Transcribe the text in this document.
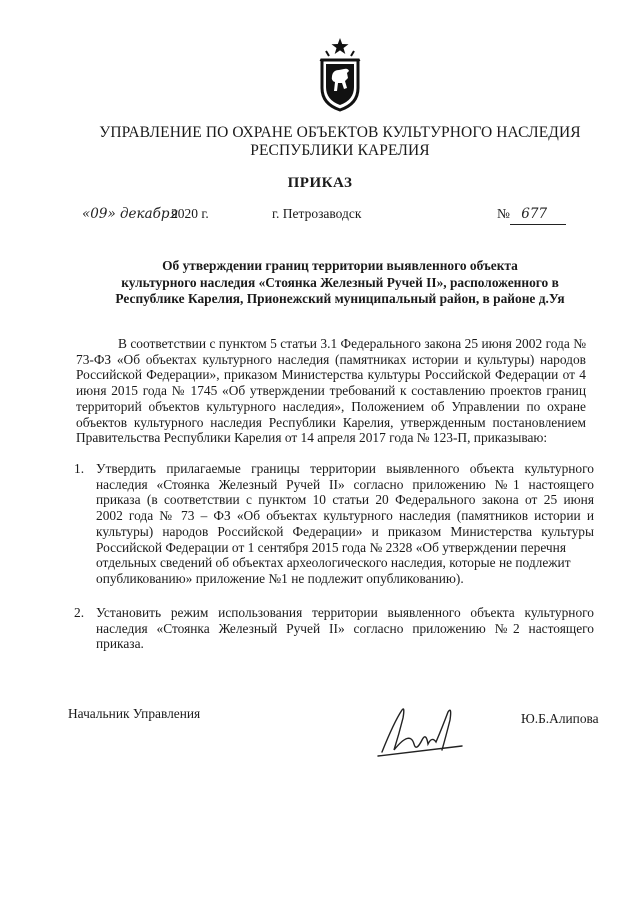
УПРАВЛЕНИЕ ПО ОХРАНЕ ОБЪЕКТОВ КУЛЬТУРНОГО НАСЛЕДИЯ
РЕСПУБЛИКИ КАРЕЛИЯ
ПРИКАЗ
«09» декабря
2020 г.	г. Петрозаводск	№ 677
Об утверждении границ территории выявленного объекта
культурного наследия «Стоянка Железный Ручей II», расположенного в
Республике Карелия, Прионежский муниципальный район, в районе д.Уя
В соответствии с пунктом 5 статьи 3.1 Федерального закона 25 июня 2002 года №
73-ФЗ «Об объектах культурного наследия (памятниках истории и культуры) народов
Российской Федерации», приказом Министерства культуры Российской Федерации от 4
июня 2015 года № 1745 «Об утверждении требований к составлению проектов границ
территорий объектов культурного наследия», Положением об Управлении по охране
объектов культурного наследия Республики Карелия, утвержденным постановлением
Правительства Республики Карелия от 14 апреля 2017 года № 123-П, приказываю:
1. Утвердить прилагаемые границы территории выявленного объекта культурного
наследия «Стоянка Железный Ручей II» согласно приложению №1 настоящего
приказа (в соответствии с пунктом 10 статьи 20 Федерального закона от 25 июня
2002 года № 73 – ФЗ «Об объектах культурного наследия (памятников истории и
культуры) народов Российской Федерации» и приказом Министерства культуры
Российской Федерации от 1 сентября 2015 года № 2328 «Об утверждении перечня
отдельных сведений об объектах археологического наследия, которые не подлежит
опубликованию» приложение №1 не подлежит опубликованию).
2. Установить режим использования территории выявленного объекта культурного
наследия «Стоянка Железный Ручей II» согласно приложению №2 настоящего
приказа.
Начальник Управления	Ю.Б.Алипова
